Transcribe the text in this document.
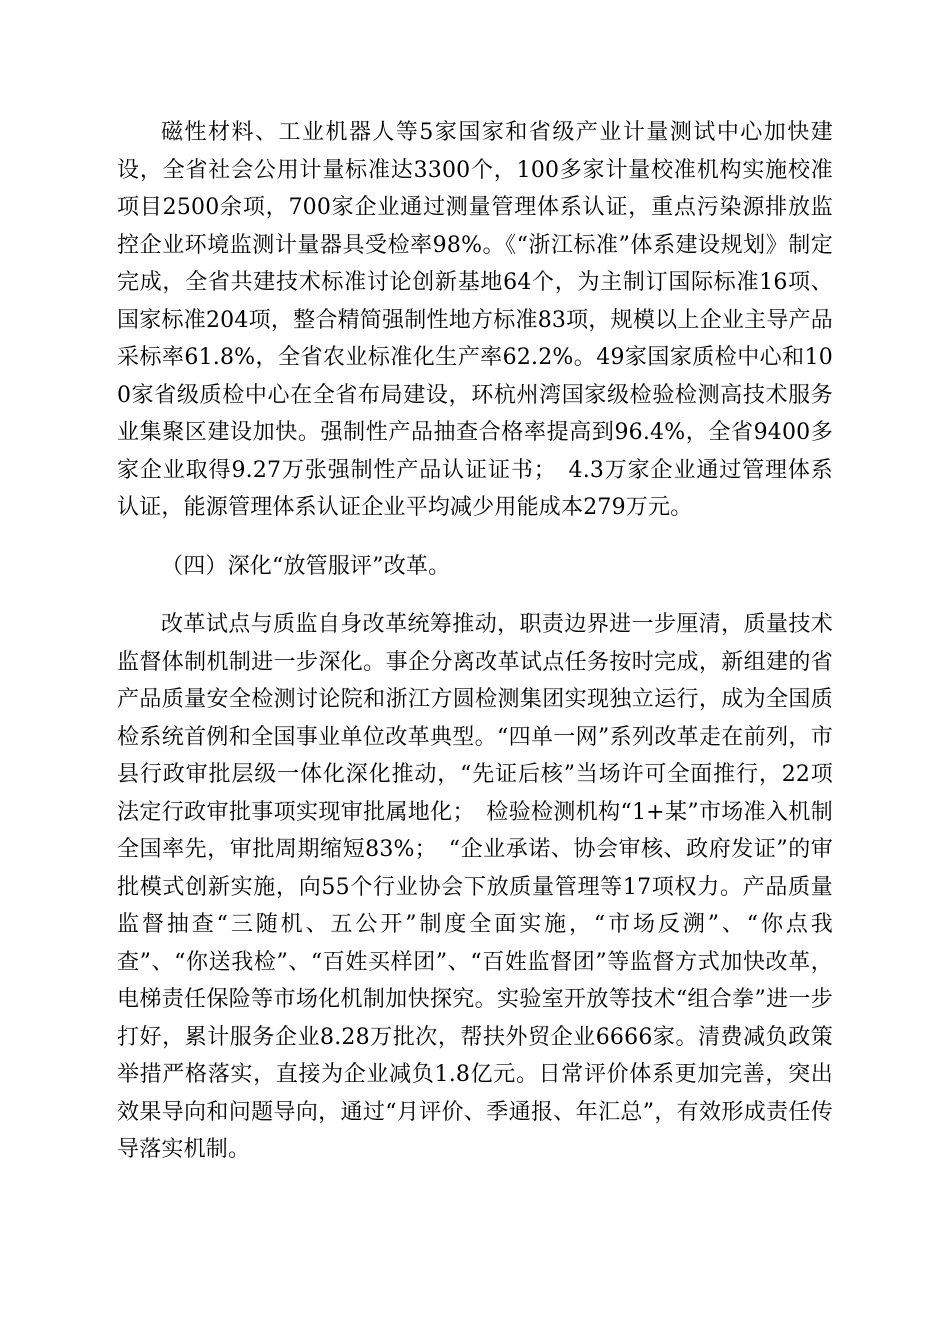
磁性材料、工业机器人等5家国家和省级产业计量测试中心加快建设，全省社会公用计量标准达3300个，100多家计量校准机构实施校准项目2500余项，700家企业通过测量管理体系认证，重点污染源排放监控企业环境监测计量器具受检率98%。《“浙江标准”体系建设规划》制定完成，全省共建技术标准讨论创新基地64个，为主制订国际标准16项、国家标准204项，整合精简强制性地方标准83项，规模以上企业主导产品采标率61.8%，全省农业标准化生产率62.2%。49家国家质检中心和100家省级质检中心在全省布局建设，环杭州湾国家级检验检测高技术服务业集聚区建设加快。强制性产品抽查合格率提高到96.4%，全省9400多家企业取得9.27万张强制性产品认证证书；　4.3万家企业通过管理体系认证，能源管理体系认证企业平均减少用能成本279万元。

（四）深化“放管服评”改革。

改革试点与质监自身改革统筹推动，职责边界进一步厘清，质量技术监督体制机制进一步深化。事企分离改革试点任务按时完成，新组建的省产品质量安全检测讨论院和浙江方圆检测集团实现独立运行，成为全国质检系统首例和全国事业单位改革典型。“四单一网”系列改革走在前列，市县行政审批层级一体化深化推动，“先证后核”当场许可全面推行，22项法定行政审批事项实现审批属地化；　检验检测机构“1+某”市场准入机制全国率先，审批周期缩短83%；　“企业承诺、协会审核、政府发证”的审批模式创新实施，向55个行业协会下放质量管理等17项权力。产品质量监督抽查“三随机、五公开”制度全面实施，“市场反溯”、“你点我查”、“你送我检”、“百姓买样团”、“百姓监督团”等监督方式加快改革，电梯责任保险等市场化机制加快探究。实验室开放等技术“组合拳”进一步打好，累计服务企业8.28万批次，帮扶外贸企业6666家。清费减负政策举措严格落实，直接为企业减负1.8亿元。日常评价体系更加完善，突出效果导向和问题导向，通过“月评价、季通报、年汇总”，有效形成责任传导落实机制。
